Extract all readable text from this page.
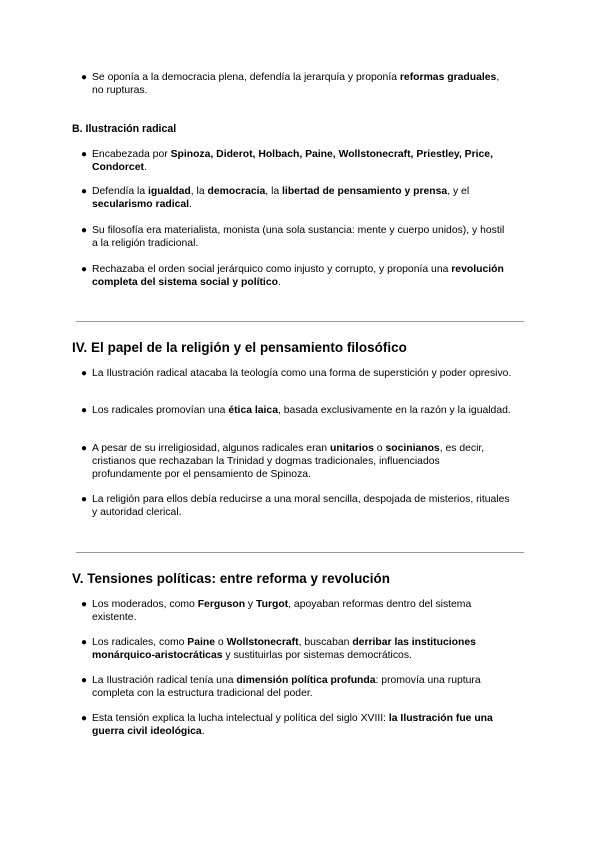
● Se oponía a la democracia plena, defendía la jerarquía y proponía reformas graduales, no rupturas.
B. Ilustración radical
● Encabezada por Spinoza, Diderot, Holbach, Paine, Wollstonecraft, Priestley, Price, Condorcet.
● Defendía la igualdad, la democracia, la libertad de pensamiento y prensa, y el secularismo radical.
● Su filosofía era materialista, monista (una sola sustancia: mente y cuerpo unidos), y hostil a la religión tradicional.
● Rechazaba el orden social jerárquico como injusto y corrupto, y proponía una revolución completa del sistema social y político.
IV. El papel de la religión y el pensamiento filosófico
● La Ilustración radical atacaba la teología como una forma de superstición y poder opresivo.
● Los radicales promovían una ética laica, basada exclusivamente en la razón y la igualdad.
● A pesar de su irreligiosidad, algunos radicales eran unitarios o socinianos, es decir, cristianos que rechazaban la Trinidad y dogmas tradicionales, influenciados profundamente por el pensamiento de Spinoza.
● La religión para ellos debía reducirse a una moral sencilla, despojada de misterios, rituales y autoridad clerical.
V. Tensiones políticas: entre reforma y revolución
● Los moderados, como Ferguson y Turgot, apoyaban reformas dentro del sistema existente.
● Los radicales, como Paine o Wollstonecraft, buscaban derribar las instituciones monárquico-aristocráticas y sustituirlas por sistemas democráticos.
● La Ilustración radical tenía una dimensión política profunda: promovía una ruptura completa con la estructura tradicional del poder.
● Esta tensión explica la lucha intelectual y política del siglo XVIII: la Ilustración fue una guerra civil ideológica.
